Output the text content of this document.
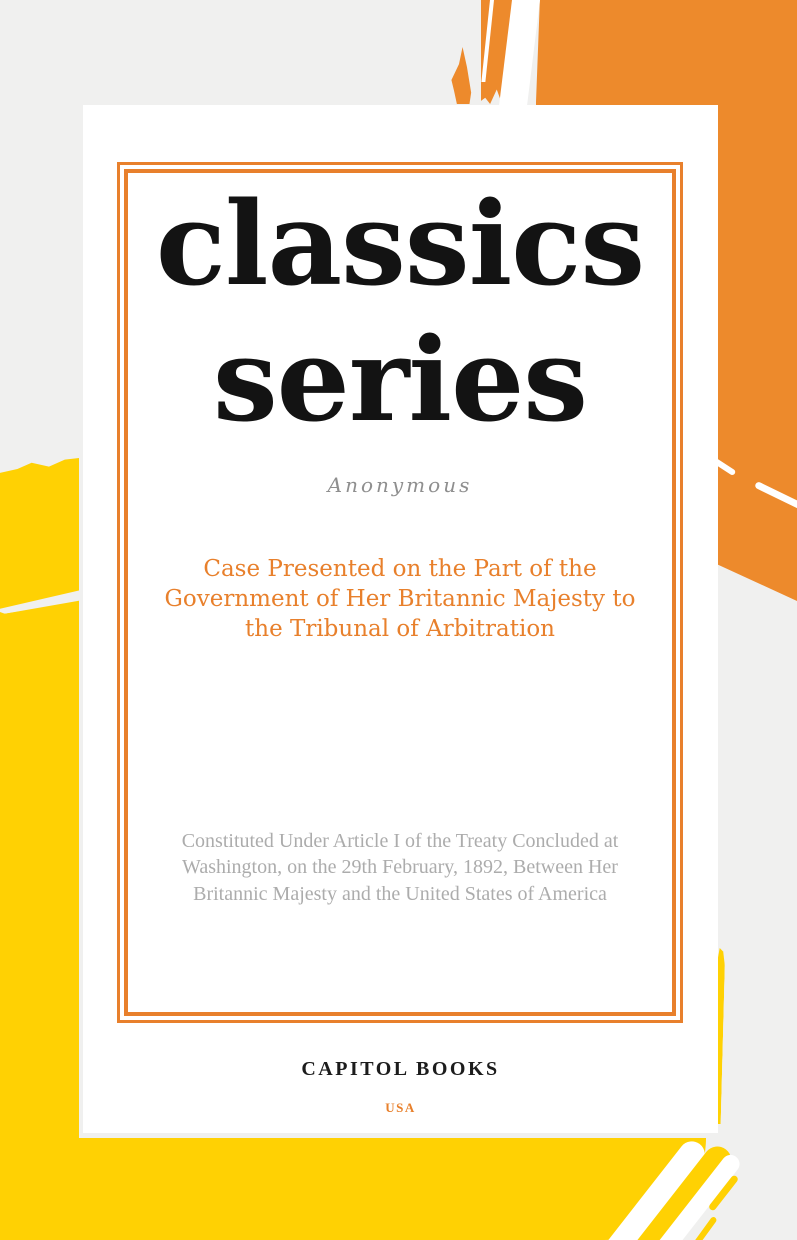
classics series
Anonymous
Case Presented on the Part of the Government of Her Britannic Majesty to the Tribunal of Arbitration
Constituted Under Article I of the Treaty Concluded at Washington, on the 29th February, 1892, Between Her Britannic Majesty and the United States of America
CAPITOL BOOKS
USA
